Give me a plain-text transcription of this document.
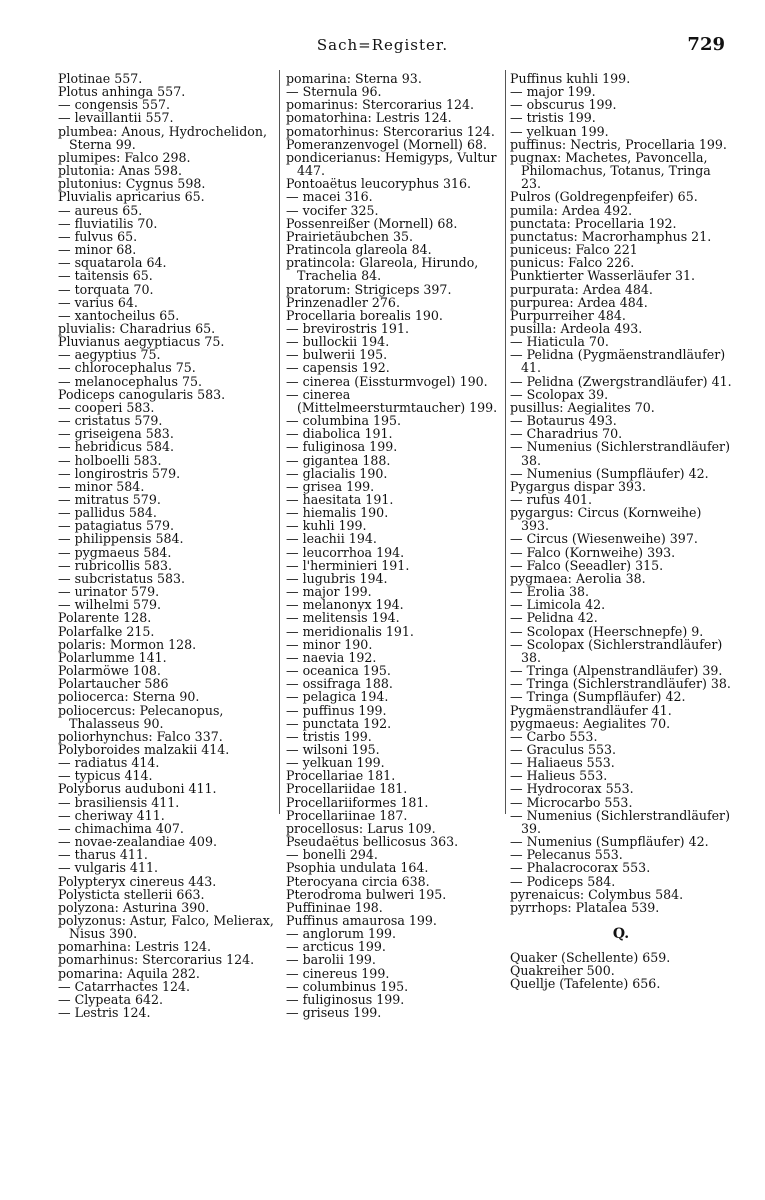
Sach=Register.	729

Plotinae 557.

Plotus anhinga 557.

— congensis 557.

— levaillantii 557.

plumbea: Anous, Hydrochelidon, Sterna 99.

plumipes: Falco 298.

plutonia: Anas 598.

plutonius: Cygnus 598.

Pluvialis apricarius 65.

— aureus 65.

— fluviatilis 70.

— fulvus 65.

— minor 68.

— squatarola 64.

— taitensis 65.

— torquata 70.

— varius 64.

— xantocheilus 65.

pluvialis: Charadrius 65.

Pluvianus aegyptiacus 75.

— aegyptius 75.

— chlorocephalus 75.

— melanocephalus 75.

Podiceps canogularis 583.

— cooperi 583.

— cristatus 579.

— griseigena 583.

— hebridicus 584.

— holboelli 583.

— longirostris 579.

— minor 584.

— mitratus 579.

— pallidus 584.

— patagiatus 579.

— philippensis 584.

— pygmaeus 584.

— rubricollis 583.

— subcristatus 583.

— urinator 579.

— wilhelmi 579.

Polarente 128.

Polarfalke 215.

polaris: Mormon 128.

Polarlumme 141.

Polarmöwe 108.

Polartaucher 586

poliocerca: Sterna 90.

poliocercus: Pelecanopus, Thalasseus 90.

poliorhynchus: Falco 337.

Polyboroides malzakii 414.

— radiatus 414.

— typicus 414.

Polyborus auduboni 411.

— brasiliensis 411.

— cheriway 411.

— chimachima 407.

— novae-zealandiae 409.

— tharus 411.

— vulgaris 411.

Polypteryx cinereus 443.

Polysticta stellerii 663.

polyzona: Asturina 390.

polyzonus: Astur, Falco, Melierax, Nisus 390.

pomarhina: Lestris 124.

pomarhinus: Stercorarius 124.

pomarina: Aquila 282.

— Catarrhactes 124.

— Clypeata 642.

— Lestris 124.

pomarina: Sterna 93.

— Sternula 96.

pomarinus: Stercorarius 124.

pomatorhina: Lestris 124.

pomatorhinus: Stercorarius 124.

Pomeranzenvogel (Mornell) 68.

pondicerianus: Hemigyps, Vultur 447.

Pontoaëtus leucoryphus 316.

— macei 316.

— vocifer 325.

Possenreißer (Mornell) 68.

Prairietäubchen 35.

Pratincola glareola 84.

pratincola: Glareola, Hirundo, Trachelia 84.

pratorum: Strigiceps 397.

Prinzenadler 276.

Procellaria borealis 190.

— brevirostris 191.

— bullockii 194.

— bulwerii 195.

— capensis 192.

— cinerea (Eissturmvogel) 190.

— cinerea (Mittelmeersturmtaucher) 199.

— columbina 195.

— diabolica 191.

— fuliginosa 199.

— gigantea 188.

— glacialis 190.

— grisea 199.

— haesitata 191.

— hiemalis 190.

— kuhli 199.

— leachii 194.

— leucorrhoa 194.

— l'herminieri 191.

— lugubris 194.

— major 199.

— melanonyx 194.

— melitensis 194.

— meridionalis 191.

— minor 190.

— naevia 192.

— oceanica 195.

— ossifraga 188.

— pelagica 194.

— puffinus 199.

— punctata 192.

— tristis 199.

— wilsoni 195.

— yelkuan 199.

Procellariae 181.

Procellariidae 181.

Procellariiformes 181.

Procellariinae 187.

procellosus: Larus 109.

Pseudaëtus bellicosus 363.

— bonelli 294.

Psophia undulata 164.

Pterocyana circia 638.

Pterodroma bulweri 195.

Puffininae 198.

Puffinus amaurosa 199.

— anglorum 199.

— arcticus 199.

— barolii 199.

— cinereus 199.

— columbinus 195.

— fuliginosus 199.

— griseus 199.

Puffinus kuhli 199.

— major 199.

— obscurus 199.

— tristis 199.

— yelkuan 199.

puffinus: Nectris, Procellaria 199.

pugnax: Machetes, Pavoncella, Philomachus, Totanus, Tringa 23.

Pulros (Goldregenpfeifer) 65.

pumila: Ardea 492.

punctata: Procellaria 192.

punctatus: Macrorhamphus 21.

puniceus: Falco 221

punicus: Falco 226.

Punktierter Wasserläufer 31.

purpurata: Ardea 484.

purpurea: Ardea 484.

Purpurreiher 484.

pusilla: Ardeola 493.

— Hiaticula 70.

— Pelidna (Pygmäenstrandläufer) 41.

— Pelidna (Zwergstrandläufer) 41.

— Scolopax 39.

pusillus: Aegialites 70.

— Botaurus 493.

— Charadrius 70.

— Numenius (Sichlerstrandläufer) 38.

— Numenius (Sumpfläufer) 42.

Pygargus dispar 393.

— rufus 401.

pygargus: Circus (Kornweihe) 393.

— Circus (Wiesenweihe) 397.

— Falco (Kornweihe) 393.

— Falco (Seeadler) 315.

pygmaea: Aerolia 38.

— Erolia 38.

— Limicola 42.

— Pelidna 42.

— Scolopax (Heerschnepfe) 9.

— Scolopax (Sichlerstrandläufer) 38.

— Tringa (Alpenstrandläufer) 39.

— Tringa (Sichlerstrandläufer) 38.

— Tringa (Sumpfläufer) 42.

Pygmäenstrandläufer 41.

pygmaeus: Aegialites 70.

— Carbo 553.

— Graculus 553.

— Haliaeus 553.

— Halieus 553.

— Hydrocorax 553.

— Microcarbo 553.

— Numenius (Sichlerstrandläufer) 39.

— Numenius (Sumpfläufer) 42.

— Pelecanus 553.

— Phalacrocorax 553.

— Podiceps 584.

pyrenaicus: Colymbus 584.

pyrrhops: Platalea 539.

Q.

Quaker (Schellente) 659.

Quakreiher 500.

Quellje (Tafelente) 656.
